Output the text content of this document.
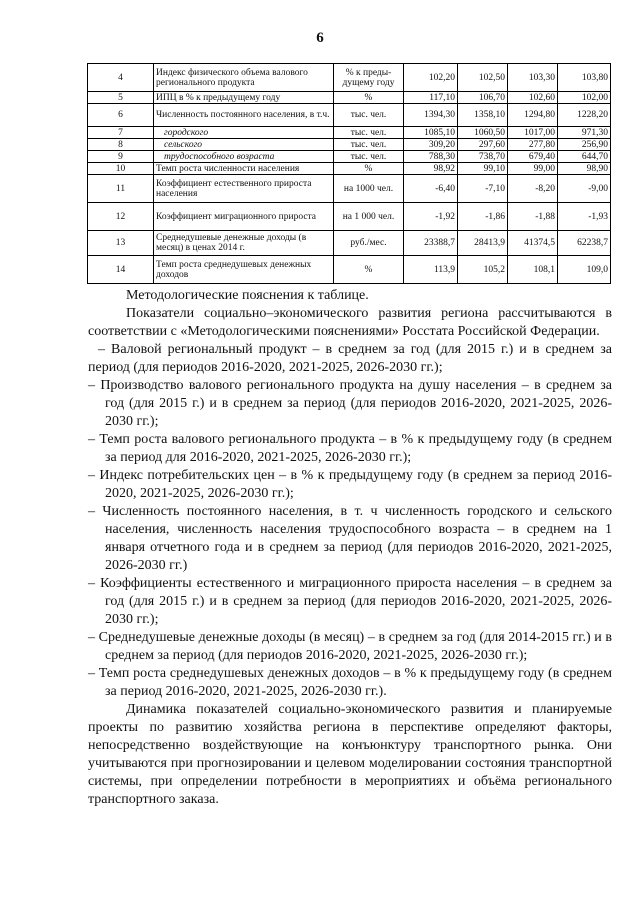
6
4	Индекс физического объема валового регионального продукта	% к преды-дущему году	102,20	102,50	103,30	103,80
5	ИПЦ в % к предыдущему году	%	117,10	106,70	102,60	102,00
6	Численность постоянного населения, в т.ч.	тыс. чел.	1394,30	1358,10	1294,80	1228,20
7	городского	тыс. чел.	1085,10	1060,50	1017,00	971,30
8	сельского	тыс. чел.	309,20	297,60	277,80	256,90
9	трудоспособного возраста	тыс. чел.	788,30	738,70	679,40	644,70
10	Темп роста численности населения	%	98,92	99,10	99,00	98,90
11	Коэффициент естественного прироста населения	на 1000 чел.	-6,40	-7,10	-8,20	-9,00
12	Коэффициент миграционного прироста	на 1 000 чел.	-1,92	-1,86	-1,88	-1,93
13	Среднедушевые денежные доходы (в месяц) в ценах 2014 г.	руб./мес.	23388,7	28413,9	41374,5	62238,7
14	Темп роста среднедушевых денежных доходов	%	113,9	105,2	108,1	109,0

Методологические пояснения к таблице.

Показатели социально–экономического развития региона рассчитываются в соответствии с «Методологическими пояснениями» Росстата Российской Федерации.

– Валовой региональный продукт – в среднем за год (для 2015 г.) и в среднем за период (для периодов 2016-2020, 2021-2025, 2026-2030 гг.);

– Производство валового регионального продукта на душу населения – в среднем за год (для 2015 г.) и в среднем за период (для периодов 2016-2020, 2021-2025, 2026-2030 гг.);

– Темп роста валового регионального продукта – в % к предыдущему году (в среднем за период для 2016-2020, 2021-2025, 2026-2030 гг.);

– Индекс потребительских цен – в % к предыдущему году (в среднем за период 2016-2020, 2021-2025, 2026-2030 гг.);

– Численность постоянного населения, в т. ч численность городского и сельского населения, численность населения трудоспособного возраста – в среднем на 1 января отчетного года и в среднем за период (для периодов 2016-2020, 2021-2025, 2026-2030 гг.)

– Коэффициенты естественного и миграционного прироста населения – в среднем за год (для 2015 г.) и в среднем за период (для периодов 2016-2020, 2021-2025, 2026-2030 гг.);

– Среднедушевые денежные доходы (в месяц) – в среднем за год (для 2014-2015 гг.) и в среднем за период (для периодов 2016-2020, 2021-2025, 2026-2030 гг.);

– Темп роста среднедушевых денежных доходов – в % к предыдущему году (в среднем за период 2016-2020, 2021-2025, 2026-2030 гг.).

Динамика показателей социально-экономического развития и планируемые проекты по развитию хозяйства региона в перспективе определяют факторы, непосредственно воздействующие на конъюнктуру транспортного рынка. Они учитываются при прогнозировании и целевом моделировании состояния транспортной системы, при определении потребности в мероприятиях и объёма регионального транспортного заказа.
